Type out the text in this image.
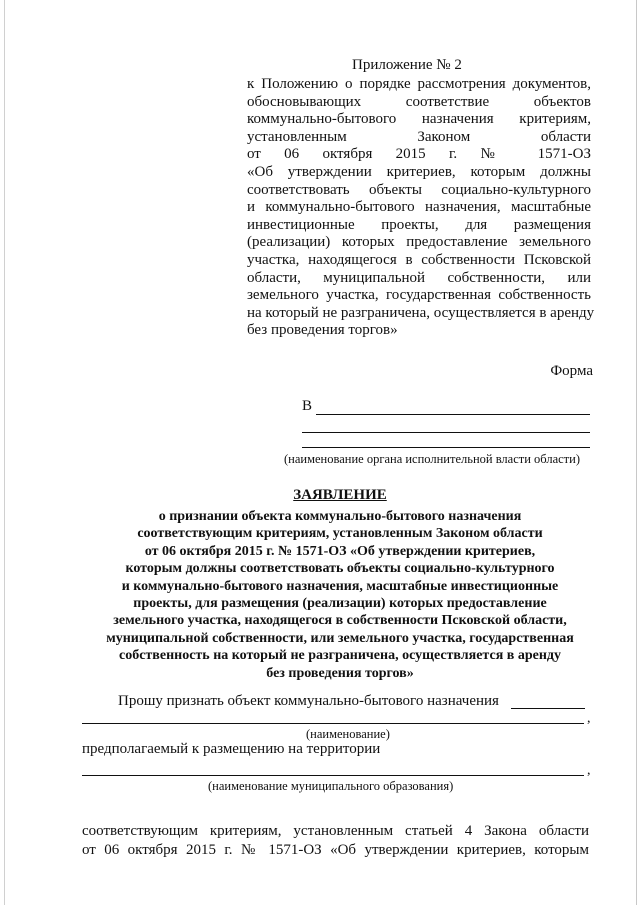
Приложение № 2
к Положению о порядке рассмотрения документов,
обосновывающих соответствие объектов
коммунально-бытового назначения критериям,
установленным Законом области
от 06 октября 2015 г. № 1571-ОЗ
«Об утверждении критериев, которым должны
соответствовать объекты социально-культурного
и коммунально-бытового назначения, масштабные
инвестиционные проекты, для размещения
(реализации) которых предоставление земельного
участка, находящегося в собственности Псковской
области, муниципальной собственности, или
земельного участка, государственная собственность
на который не разграничена, осуществляется в аренду
без проведения торгов»
Форма
В
(наименование органа исполнительной власти области)

ЗАЯВЛЕНИЕ

о признании объекта коммунально-бытового назначения
соответствующим критериям, установленным Законом области
от 06 октября 2015 г. № 1571-ОЗ «Об утверждении критериев,
которым должны соответствовать объекты социально-культурного
и коммунально-бытового назначения, масштабные инвестиционные
проекты, для размещения (реализации) которых предоставление
земельного участка, находящегося в собственности Псковской области,
муниципальной собственности, или земельного участка, государственная
собственность на который не разграничена, осуществляется в аренду
без проведения торгов»
Прошу признать объект коммунально-бытового назначения
,
(наименование)
предполагаемый к размещению на территории
,
(наименование муниципального образования)
соответствующим критериям, установленным статьей 4 Закона области
от 06 октября 2015 г. № 1571-ОЗ «Об утверждении критериев, которым
